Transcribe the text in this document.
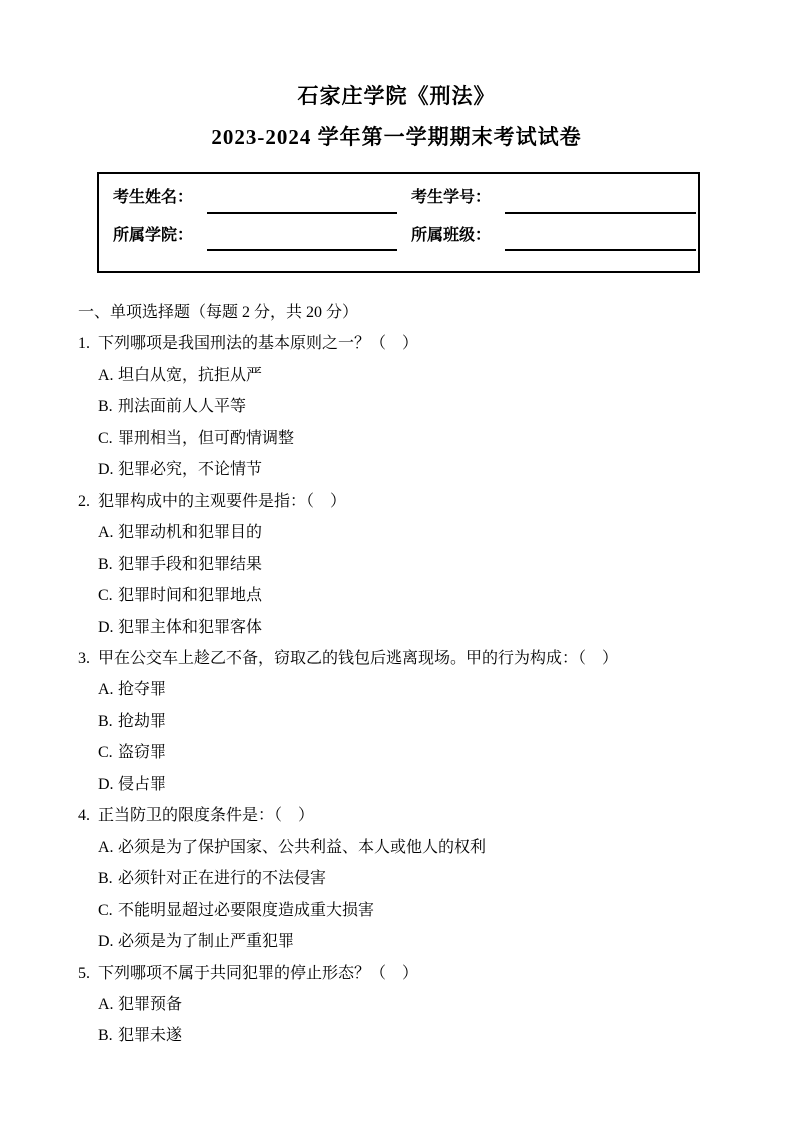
石家庄学院《刑法》
2023-2024 学年第一学期期末考试试卷
考生姓名：	考生学号：
所属学院：	所属班级：
一、单项选择题（每题 2 分，共 20 分）
1. 下列哪项是我国刑法的基本原则之一？（　）
A. 坦白从宽，抗拒从严
B. 刑法面前人人平等
C. 罪刑相当，但可酌情调整
D. 犯罪必究，不论情节
2. 犯罪构成中的主观要件是指：（　）
A. 犯罪动机和犯罪目的
B. 犯罪手段和犯罪结果
C. 犯罪时间和犯罪地点
D. 犯罪主体和犯罪客体
3. 甲在公交车上趁乙不备，窃取乙的钱包后逃离现场。甲的行为构成：（　）
A. 抢夺罪
B. 抢劫罪
C. 盗窃罪
D. 侵占罪
4. 正当防卫的限度条件是：（　）
A. 必须是为了保护国家、公共利益、本人或他人的权利
B. 必须针对正在进行的不法侵害
C. 不能明显超过必要限度造成重大损害
D. 必须是为了制止严重犯罪
5. 下列哪项不属于共同犯罪的停止形态？（　）
A. 犯罪预备
B. 犯罪未遂
